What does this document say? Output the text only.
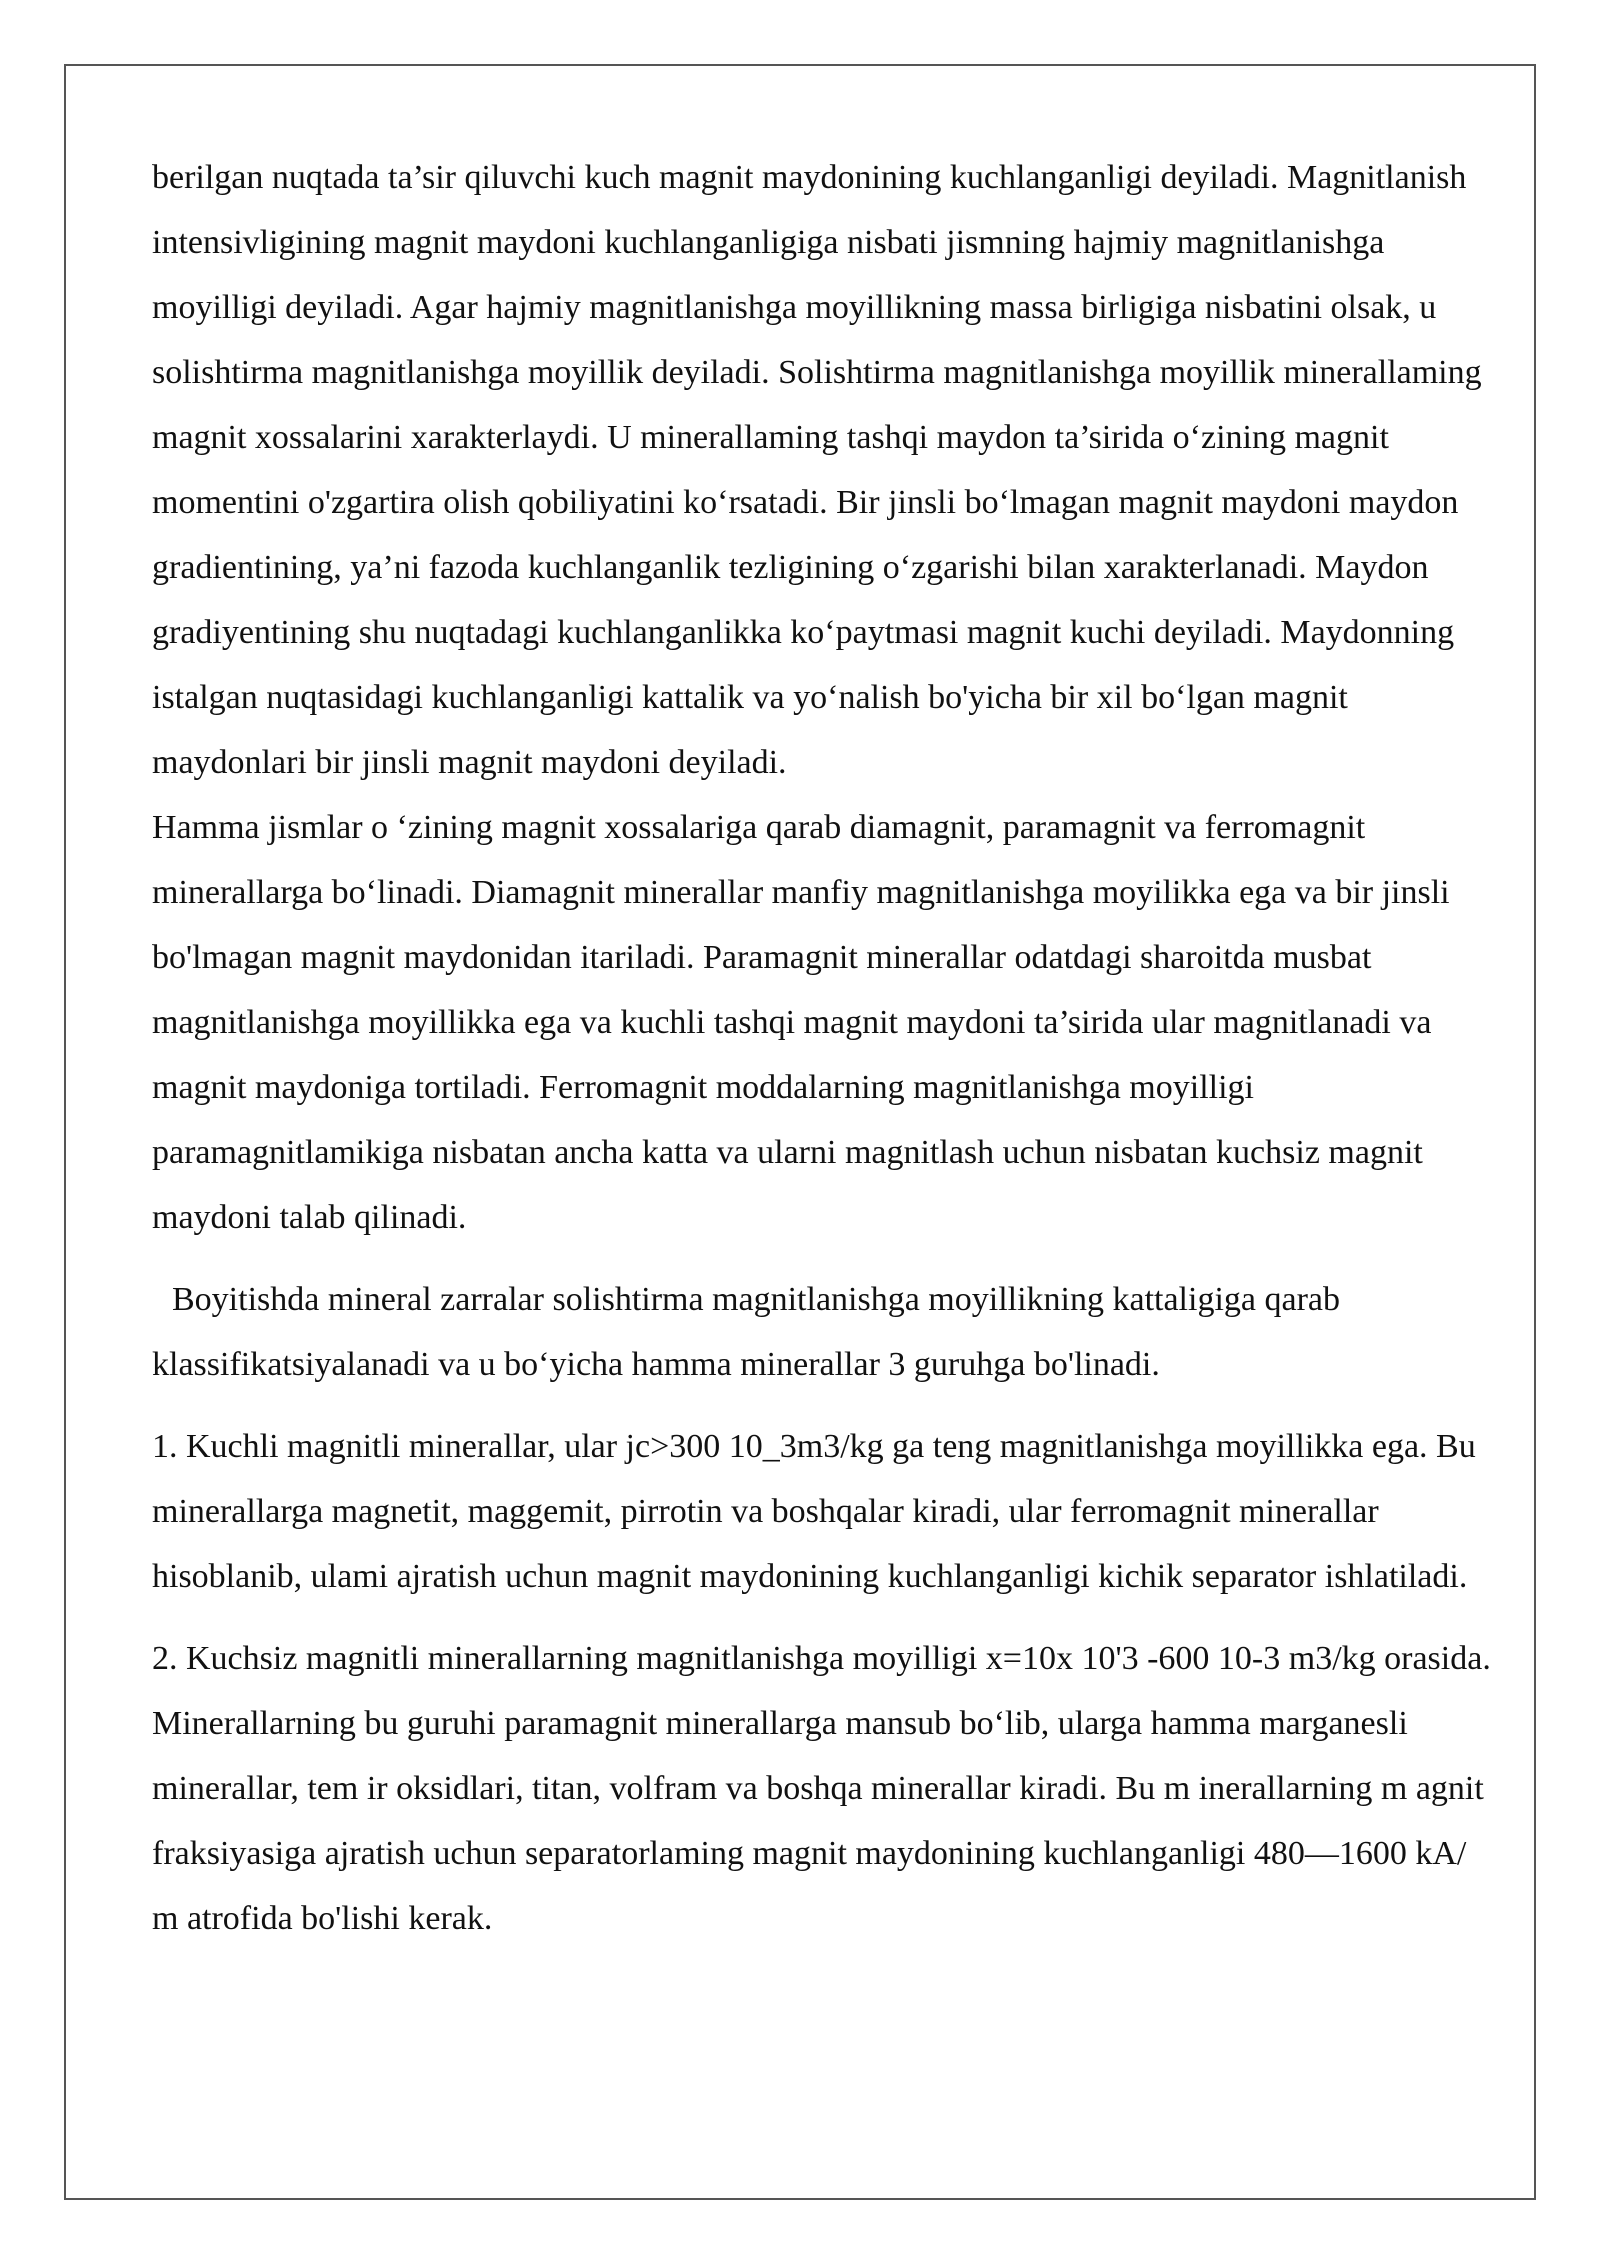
berilgan nuqtada ta’sir qiluvchi kuch magnit maydonining kuchlanganligi deyiladi. Magnitlanish intensivligining magnit maydoni kuchlanganligiga nisbati jismning hajmiy magnitlanishga moyilligi deyiladi. Agar hajmiy magnitlanishga moyillikning massa birligiga nisbatini olsak, u solishtirma magnitlanishga moyillik deyiladi. Solishtirma magnitlanishga moyillik minerallaming magnit xossalarini xarakterlaydi. U minerallaming tashqi maydon ta’sirida o‘zining magnit momentini o'zgartira olish qobiliyatini ko‘rsatadi. Bir jinsli bo‘lmagan magnit maydoni maydon gradientining, ya’ni fazoda kuchlanganlik tezligining o‘zgarishi bilan xarakterlanadi. Maydon gradiyentining shu nuqtadagi kuchlanganlikka ko‘paytmasi magnit kuchi deyiladi. Maydonning istalgan nuqtasidagi kuchlanganligi kattalik va yo‘nalish bo'yicha bir xil bo‘lgan magnit maydonlari bir jinsli magnit maydoni deyiladi.

Hamma jismlar o ‘zining magnit xossalariga qarab diamagnit, paramagnit va ferromagnit minerallarga bo‘linadi. Diamagnit minerallar manfiy magnitlanishga moyilikka ega va bir jinsli bo'lmagan magnit maydonidan itariladi. Paramagnit minerallar odatdagi sharoitda musbat magnitlanishga moyillikka ega va kuchli tashqi magnit maydoni ta’sirida ular magnitlanadi va magnit maydoniga tortiladi. Ferromagnit moddalarning magnitlanishga moyilligi paramagnitlamikiga nisbatan ancha katta va ularni magnitlash uchun nisbatan kuchsiz magnit maydoni talab qilinadi.

Boyitishda mineral zarralar solishtirma magnitlanishga moyillikning kattaligiga qarab klassifikatsiyalanadi va u bo‘yicha hamma minerallar 3 guruhga bo'linadi.

1. Kuchli magnitli minerallar, ular jc>300 10_3m3/kg ga teng magnitlanishga moyillikka ega. Bu minerallarga magnetit, maggemit, pirrotin va boshqalar kiradi, ular ferromagnit minerallar hisoblanib, ulami ajratish uchun magnit maydonining kuchlanganligi kichik separator ishlatiladi.

2. Kuchsiz magnitli minerallarning magnitlanishga moyilligi x=10x 10'3 -600 10-3 m3/kg orasida. Minerallarning bu guruhi paramagnit minerallarga mansub bo‘lib, ularga hamma marganesli minerallar, tem ir oksidlari, titan, volfram va boshqa minerallar kiradi. Bu m inerallarning m agnit fraksiyasiga ajratish uchun separatorlaming magnit maydonining kuchlanganligi 480—1600 kA/ m atrofida bo'lishi kerak.
